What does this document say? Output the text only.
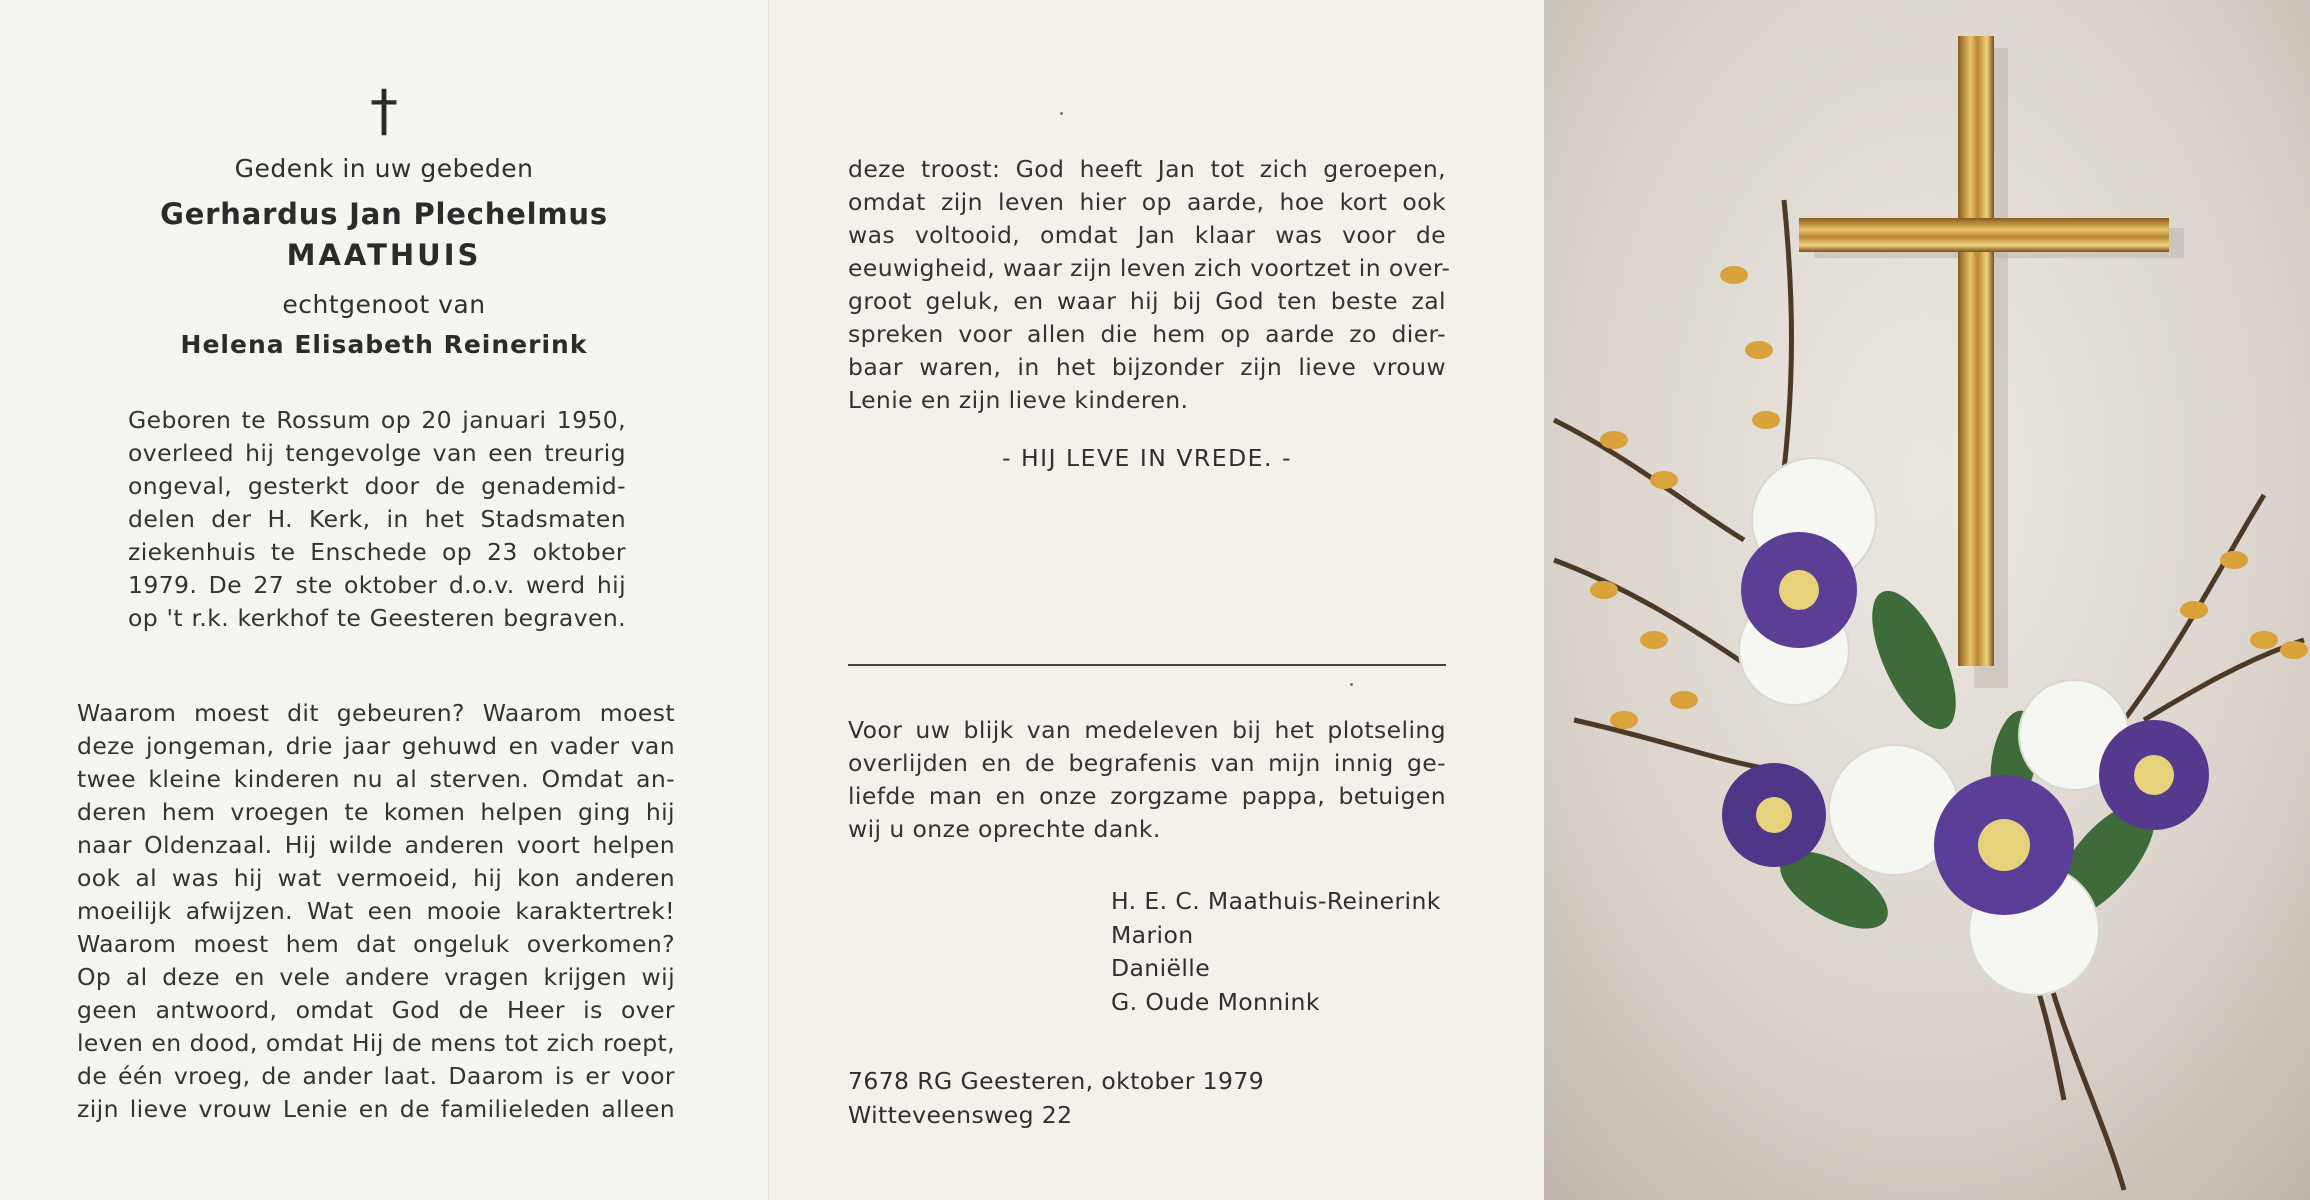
†
Gedenk in uw gebeden
Gerhardus Jan Plechelmus
MAATHUIS
echtgenoot van
Helena Elisabeth Reinerink
Geboren te Rossum op 20 januari 1950,
overleed hij tengevolge van een treurig
ongeval, gesterkt door de genademid-
delen der H. Kerk, in het Stadsmaten
ziekenhuis te Enschede op 23 oktober
1979. De 27 ste oktober d.o.v. werd hij
op 't r.k. kerkhof te Geesteren begraven.
Waarom moest dit gebeuren? Waarom moest
deze jongeman, drie jaar gehuwd en vader van
twee kleine kinderen nu al sterven. Omdat an-
deren hem vroegen te komen helpen ging hij
naar Oldenzaal. Hij wilde anderen voort helpen
ook al was hij wat vermoeid, hij kon anderen
moeilijk afwijzen. Wat een mooie karaktertrek!
Waarom moest hem dat ongeluk overkomen?
Op al deze en vele andere vragen krijgen wij
geen antwoord, omdat God de Heer is over
leven en dood, omdat Hij de mens tot zich roept,
de één vroeg, de ander laat. Daarom is er voor
zijn lieve vrouw Lenie en de familieleden alleen
deze troost: God heeft Jan tot zich geroepen,
omdat zijn leven hier op aarde, hoe kort ook
was voltooid, omdat Jan klaar was voor de
eeuwigheid, waar zijn leven zich voortzet in over-
groot geluk, en waar hij bij God ten beste zal
spreken voor allen die hem op aarde zo dier-
baar waren, in het bijzonder zijn lieve vrouw
Lenie en zijn lieve kinderen.
- HIJ LEVE IN VREDE. -
Voor uw blijk van medeleven bij het plotseling
overlijden en de begrafenis van mijn innig ge-
liefde man en onze zorgzame pappa, betuigen
wij u onze oprechte dank.
H. E. C. Maathuis-Reinerink
Marion
Daniëlle
G. Oude Monnink
7678 RG Geesteren, oktober 1979
Witteveensweg 22
